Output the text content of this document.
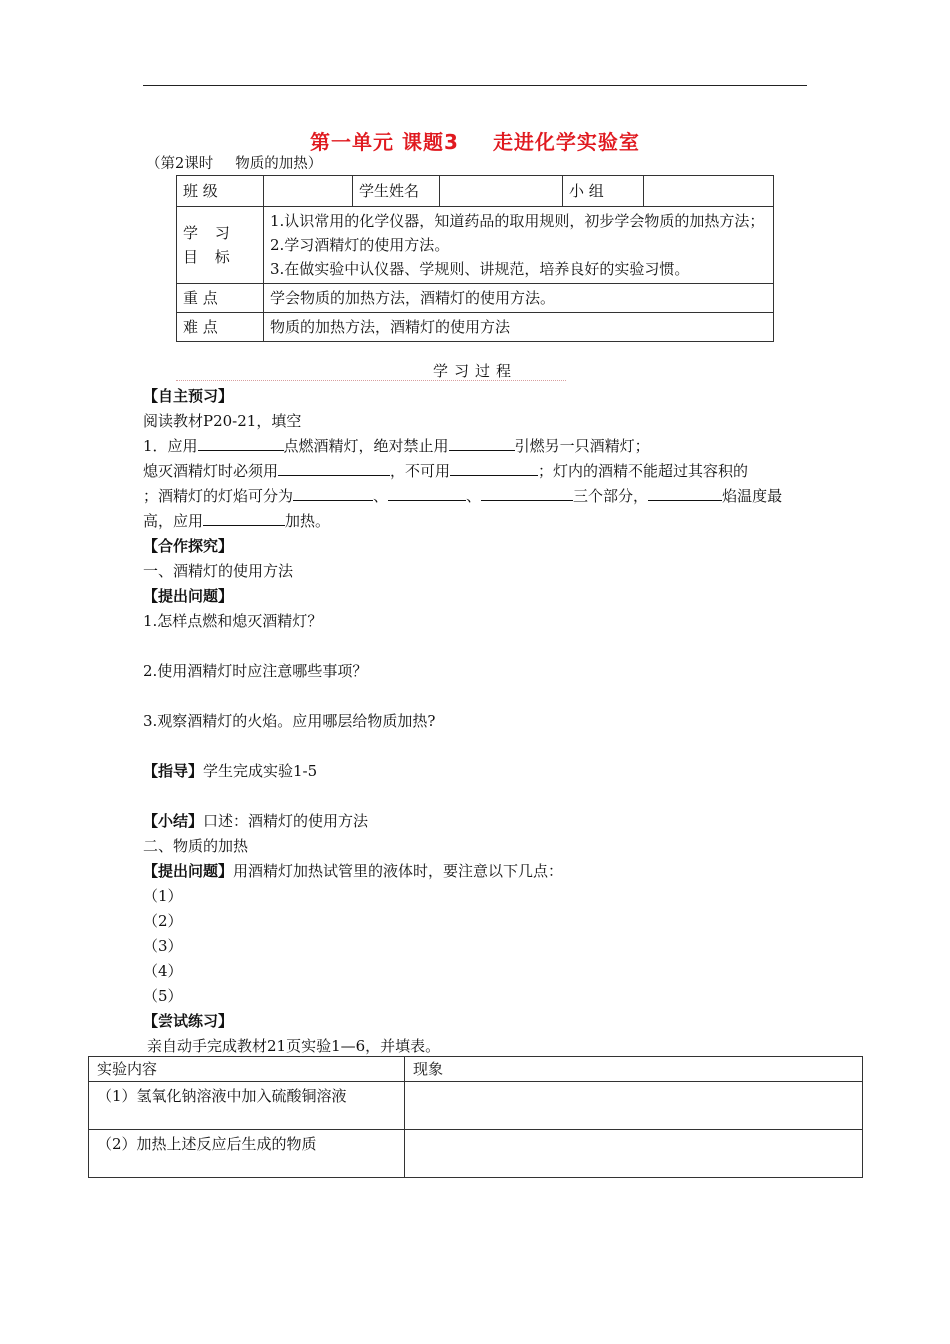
第一单元 课题3 走进化学实验室
（第2课时 物质的加热）
班 级		学生姓名		小 组	
学 习 目 标	1.认识常用的化学仪器，知道药品的取用规则，初步学会物质的加热方法；
2.学习酒精灯的使用方法。
3.在做实验中认仪器、学规则、讲规范，培养良好的实验习惯。				

重 点	学会物质的加热方法，酒精灯的使用方法。				
难 点	物质的加热方法，酒精灯的使用方法				
学习过程
【自主预习】
阅读教材P20-21，填空
1．应用	点燃酒精灯，绝对禁止用	引燃另一只酒精灯；
熄灭酒精灯时必须用	，不可用	；灯内的酒精不能超过其容积的
；酒精灯的灯焰可分为	、	、	三个部分，	焰温度最
高，应用	加热。
【合作探究】
一、酒精灯的使用方法
【提出问题】
1.怎样点燃和熄灭酒精灯？
2.使用酒精灯时应注意哪些事项？
3.观察酒精灯的火焰。应用哪层给物质加热?
【指导】学生完成实验1-5
【小结】口述：酒精灯的使用方法
二、物质的加热
【提出问题】用酒精灯加热试管里的液体时，要注意以下几点：
（1）
（2）
（3）
（4）
（5）
【尝试练习】
亲自动手完成教材21页实验1—6，并填表。
实验内容	现象
（1）氢氧化钠溶液中加入硫酸铜溶液	
（2）加热上述反应后生成的物质	
